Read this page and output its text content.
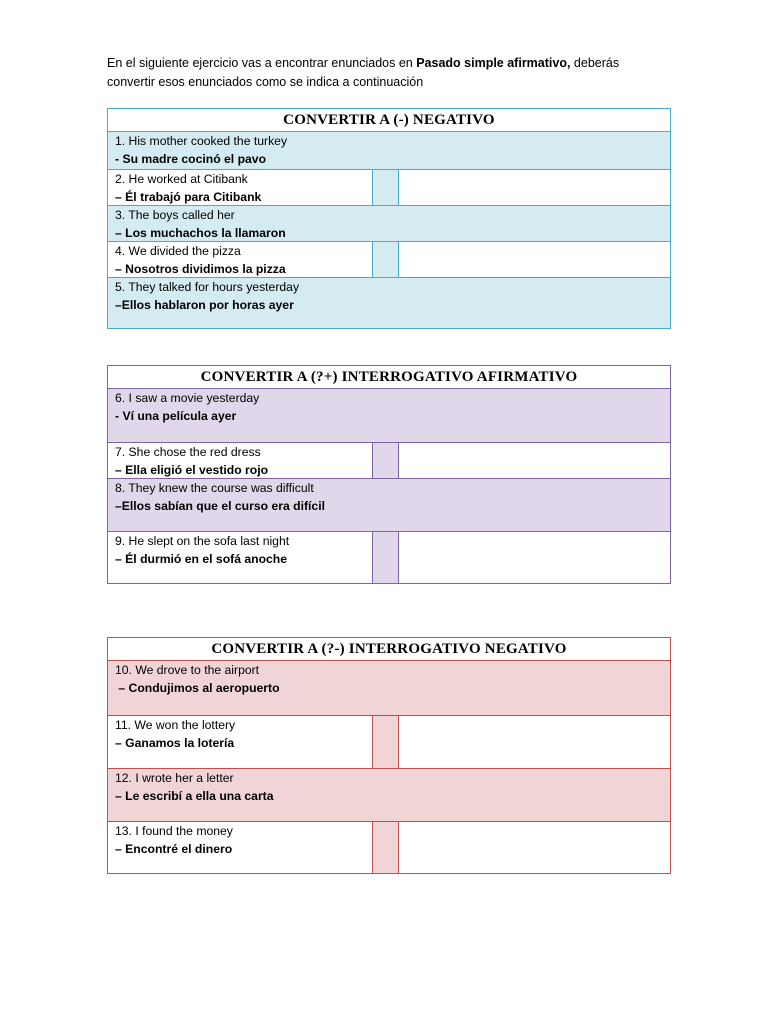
En el siguiente ejercicio vas a encontrar enunciados en Pasado simple afirmativo, deberás convertir esos enunciados como se indica a continuación
CONVERTIR A (-) NEGATIVO
1. His mother cooked the turkey
- Su madre cocinó el pavo
2. He worked at Citibank
– Él trabajó para Citibank
3. The boys called her
– Los muchachos la llamaron
4. We divided the pizza
– Nosotros dividimos la pizza
5. They talked for hours yesterday
–Ellos hablaron por horas ayer
CONVERTIR A (?+) INTERROGATIVO AFIRMATIVO
6. I saw a movie yesterday
- Ví una película ayer
7. She chose the red dress
– Ella eligió el vestido rojo
8. They knew the course was difficult
–Ellos sabían que el curso era difícil
9. He slept on the sofa last night
– Él durmió en el sofá anoche
CONVERTIR A (?-) INTERROGATIVO NEGATIVO
10. We drove to the airport
– Condujimos al aeropuerto
11. We won the lottery
– Ganamos la lotería
12. I wrote her a letter
– Le escribí a ella una carta
13. I found the money
– Encontré el dinero
